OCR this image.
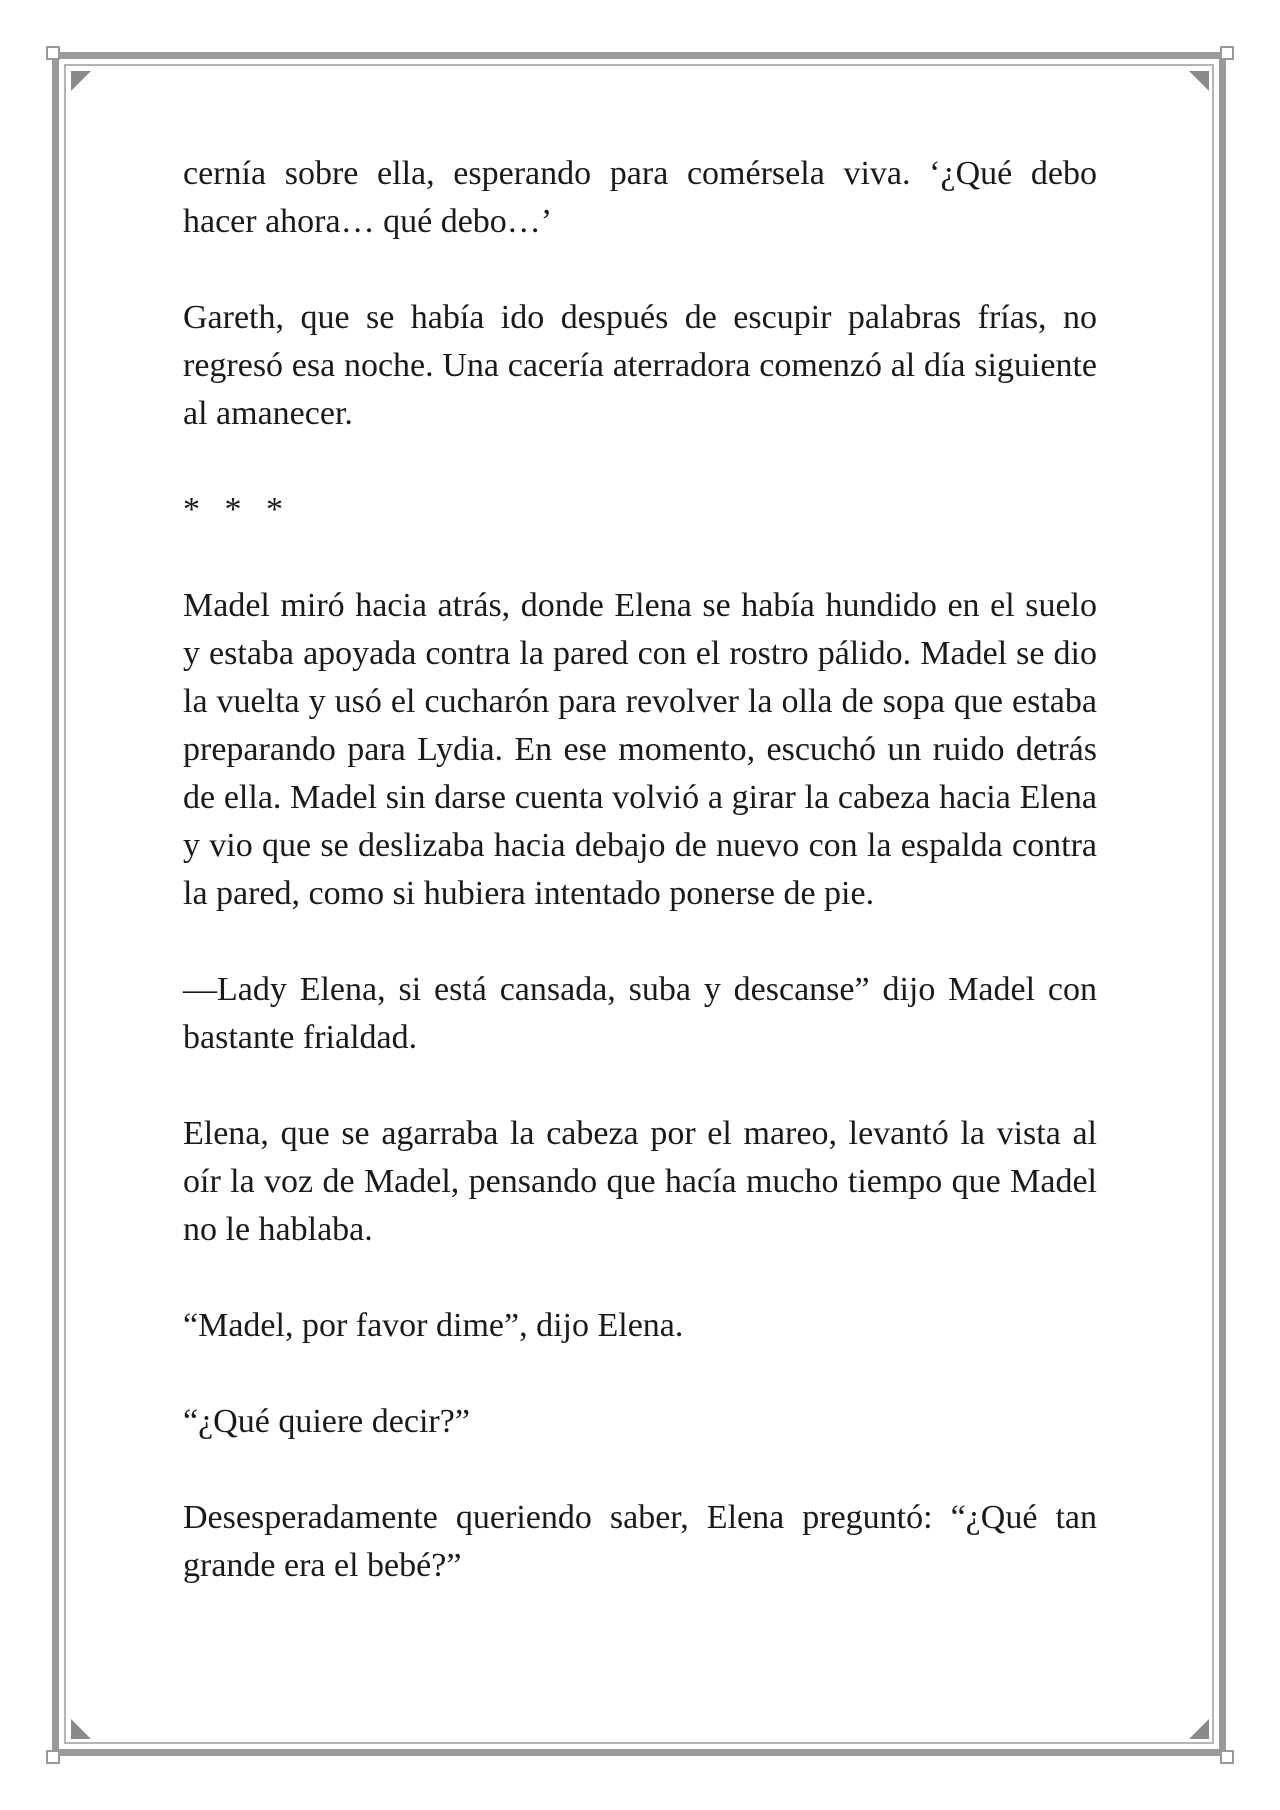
cernía sobre ella, esperando para comérsela viva. ‘¿Qué debo hacer ahora… qué debo…’

Gareth, que se había ido después de escupir palabras frías, no regresó esa noche. Una cacería aterradora comenzó al día siguiente al amanecer.

* * *

Madel miró hacia atrás, donde Elena se había hundido en el suelo y estaba apoyada contra la pared con el rostro pálido. Madel se dio la vuelta y usó el cucharón para revolver la olla de sopa que estaba preparando para Lydia. En ese momento, escuchó un ruido detrás de ella. Madel sin darse cuenta volvió a girar la cabeza hacia Elena y vio que se deslizaba hacia debajo de nuevo con la espalda contra la pared, como si hubiera intentado ponerse de pie.

—Lady Elena, si está cansada, suba y descanse” dijo Madel con bastante frialdad.

Elena, que se agarraba la cabeza por el mareo, levantó la vista al oír la voz de Madel, pensando que hacía mucho tiempo que Madel no le hablaba.

“Madel, por favor dime”, dijo Elena.

“¿Qué quiere decir?”

Desesperadamente queriendo saber, Elena preguntó: “¿Qué tan grande era el bebé?”
